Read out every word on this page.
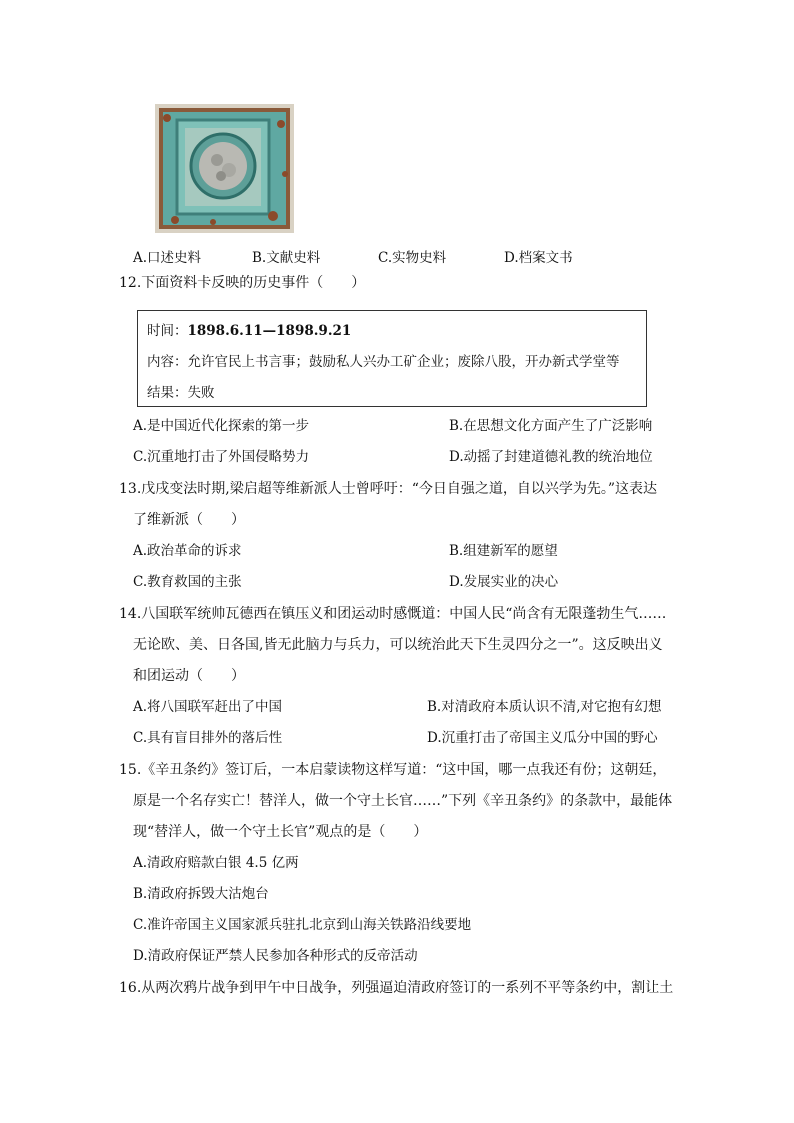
A.口述史料	B.文献史料	C.实物史料	D.档案文书
12.下面资料卡反映的历史事件（　　）
时间：1898.6.11—1898.9.21
内容：允许官民上书言事；鼓励私人兴办工矿企业；废除八股，开办新式学堂等
结果：失败
A.是中国近代化探索的第一步	B.在思想文化方面产生了广泛影响
C.沉重地打击了外国侵略势力	D.动摇了封建道德礼教的统治地位
13.戊戌变法时期,梁启超等维新派人士曾呼吁：“今日自强之道，自以兴学为先。”这表达
了维新派（　　）
A.政治革命的诉求	B.组建新军的愿望
C.教育救国的主张	D.发展实业的决心
14.八国联军统帅瓦德西在镇压义和团运动时感慨道：中国人民“尚含有无限蓬勃生气……
无论欧、美、日各国,皆无此脑力与兵力，可以统治此天下生灵四分之一”。这反映出义
和团运动（　　）
A.将八国联军赶出了中国	B.对清政府本质认识不清,对它抱有幻想
C.具有盲目排外的落后性	D.沉重打击了帝国主义瓜分中国的野心
15.《辛丑条约》签订后，一本启蒙读物这样写道：“这中国，哪一点我还有份；这朝廷，
原是一个名存实亡！替洋人，做一个守土长官……”下列《辛丑条约》的条款中，最能体
现“替洋人，做一个守土长官”观点的是（　　）
A.清政府赔款白银 4.5 亿两
B.清政府拆毁大沽炮台
C.准许帝国主义国家派兵驻扎北京到山海关铁路沿线要地
D.清政府保证严禁人民参加各种形式的反帝活动
16.从两次鸦片战争到甲午中日战争，列强逼迫清政府签订的一系列不平等条约中，割让土
